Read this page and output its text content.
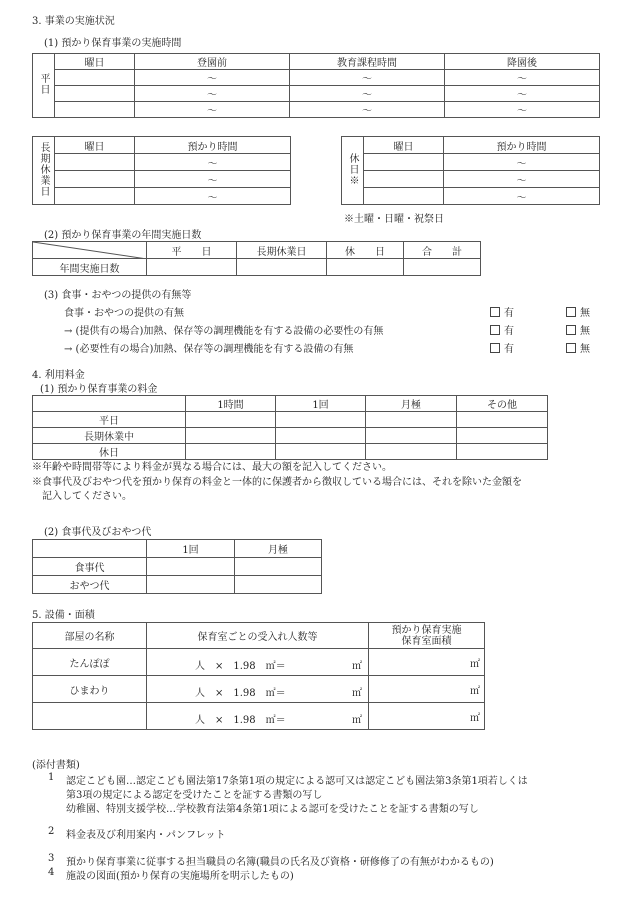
3. 事業の実施状況
(1) 預かり保育事業の実施時間
平日	曜日	登園前	教育課程時間	降園後
		～	～	～
		～	～	～
		～	～	～
長期休業日	曜日	預かり時間
		～
		～
		～
休日※	曜日	預かり時間
		～
		～
		～
※土曜・日曜・祝祭日
(2) 預かり保育事業の年間実施日数
	平　　日	長期休業日	休　　日	合　　計
年間実施日数				
(3) 食事・おやつの提供の有無等
食事・おやつの提供の有無
→ (提供有の場合)加熱、保存等の調理機能を有する設備の必要性の有無
→ (必要性有の場合)加熱、保存等の調理機能を有する設備の有無
有	無
有	無
有	無
4. 利用料金
(1) 預かり保育事業の料金
	1時間	1回	月極	その他
平日				
長期休業中				
休日				
※年齢や時間帯等により料金が異なる場合には、最大の額を記入してください。
※食事代及びおやつ代を預かり保育の料金と一体的に保護者から徴収している場合には、それを除いた金額を
記入してください。
(2) 食事代及びおやつ代
	1回	月極
食事代		
おやつ代		
5. 設備・面積
部屋の名称	保育室ごとの受入れ人数等	預かり保育実施
保育室面積

たんぽぽ	人　×　1.98　㎡＝ ㎡	㎡
ひまわり	人　×　1.98　㎡＝ ㎡	㎡

	人　×　1.98　㎡＝ ㎡	㎡
(添付書類)
1 認定こども園…認定こども園法第17条第1項の規定による認可又は認定こども園法第3条第1項若しくは
第3項の規定による認定を受けたことを証する書類の写し
幼稚園、特別支援学校…学校教育法第4条第1項による認可を受けたことを証する書類の写し
2 料金表及び利用案内・パンフレット
3 預かり保育事業に従事する担当職員の名簿(職員の氏名及び資格・研修修了の有無がわかるもの)
4 施設の図面(預かり保育の実施場所を明示したもの)
